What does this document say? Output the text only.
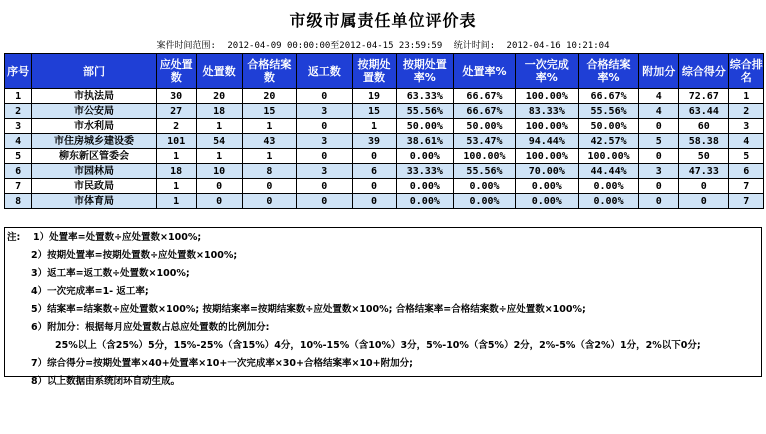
市级市属责任单位评价表
案件时间范围: 2012-04-09 00:00:00至2012-04-15 23:59:59 统计时间: 2012-04-16 10:21:04
序号	部门	应处置数	处置数	合格结案数	返工数	按期处置数	按期处置率%	处置率%	一次完成率%	合格结案率%	附加分	综合得分	综合排名
1	市执法局	30	20	20	0	19	63.33%	66.67%	100.00%	66.67%	4	72.67	1
2	市公安局	27	18	15	3	15	55.56%	66.67%	83.33%	55.56%	4	63.44	2
3	市水利局	2	1	1	0	1	50.00%	50.00%	100.00%	50.00%	0	60	3
4	市住房城乡建设委	101	54	43	3	39	38.61%	53.47%	94.44%	42.57%	5	58.38	4
5	柳东新区管委会	1	1	1	0	0	0.00%	100.00%	100.00%	100.00%	0	50	5
6	市园林局	18	10	8	3	6	33.33%	55.56%	70.00%	44.44%	3	47.33	6
7	市民政局	1	0	0	0	0	0.00%	0.00%	0.00%	0.00%	0	0	7
8	市体育局	1	0	0	0	0	0.00%	0.00%	0.00%	0.00%	0	0	7
注: 1）处置率=处置数÷应处置数×100%;
2）按期处置率=按期处置数÷应处置数×100%;
3）返工率=返工数÷处置数×100%;
4）一次完成率=1- 返工率;
5）结案率=结案数÷应处置数×100%; 按期结案率=按期结案数÷应处置数×100%; 合格结案率=合格结案数÷应处置数×100%;
6）附加分：根据每月应处置数占总应处置数的比例加分:
25%以上（含25%）5分，15%-25%（含15%）4分，10%-15%（含10%）3分，5%-10%（含5%）2分，2%-5%（含2%）1分，2%以下0分;
7）综合得分=按期处置率×40+处置率×10+一次完成率×30+合格结案率×10+附加分;
8）以上数据由系统闭环自动生成。
